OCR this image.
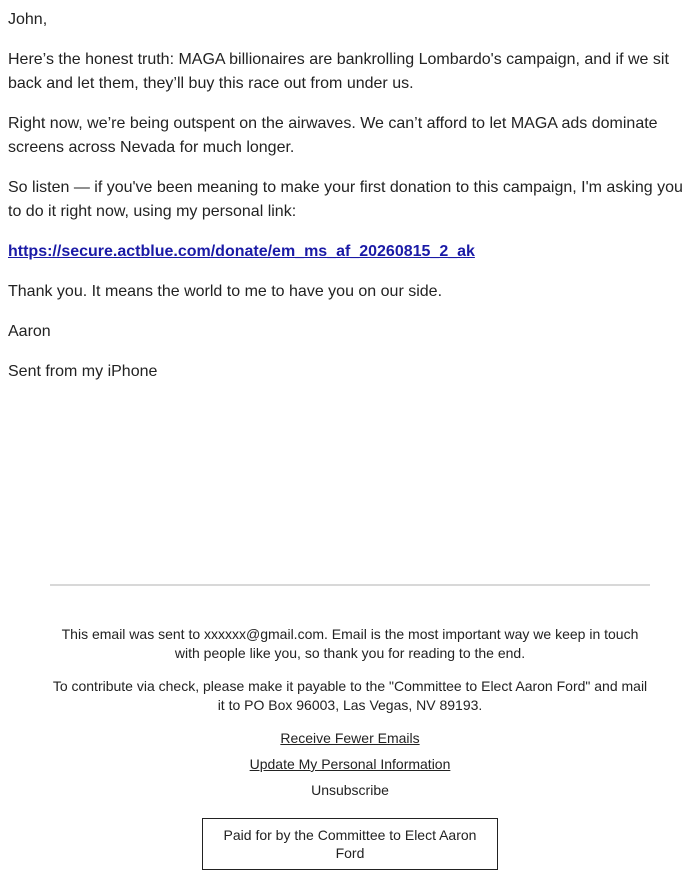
John,

Here’s the honest truth: MAGA billionaires are bankrolling Lombardo's campaign, and if we sit back and let them, they’ll buy this race out from under us.

Right now, we’re being outspent on the airwaves. We can’t afford to let MAGA ads dominate screens across Nevada for much longer.

So listen — if you've been meaning to make your first donation to this campaign, I'm asking you to do it right now, using my personal link:

https://secure.actblue.com/donate/em_ms_af_20260815_2_ak

Thank you. It means the world to me to have you on our side.

Aaron

Sent from my iPhone

This email was sent to xxxxxx@gmail.com. Email is the most important way we keep in touch with people like you, so thank you for reading to the end.

To contribute via check, please make it payable to the "Committee to Elect Aaron Ford" and mail it to PO Box 96003, Las Vegas, NV 89193.

Receive Fewer Emails
Update My Personal Information
Unsubscribe
Paid for by the Committee to Elect Aaron Ford
